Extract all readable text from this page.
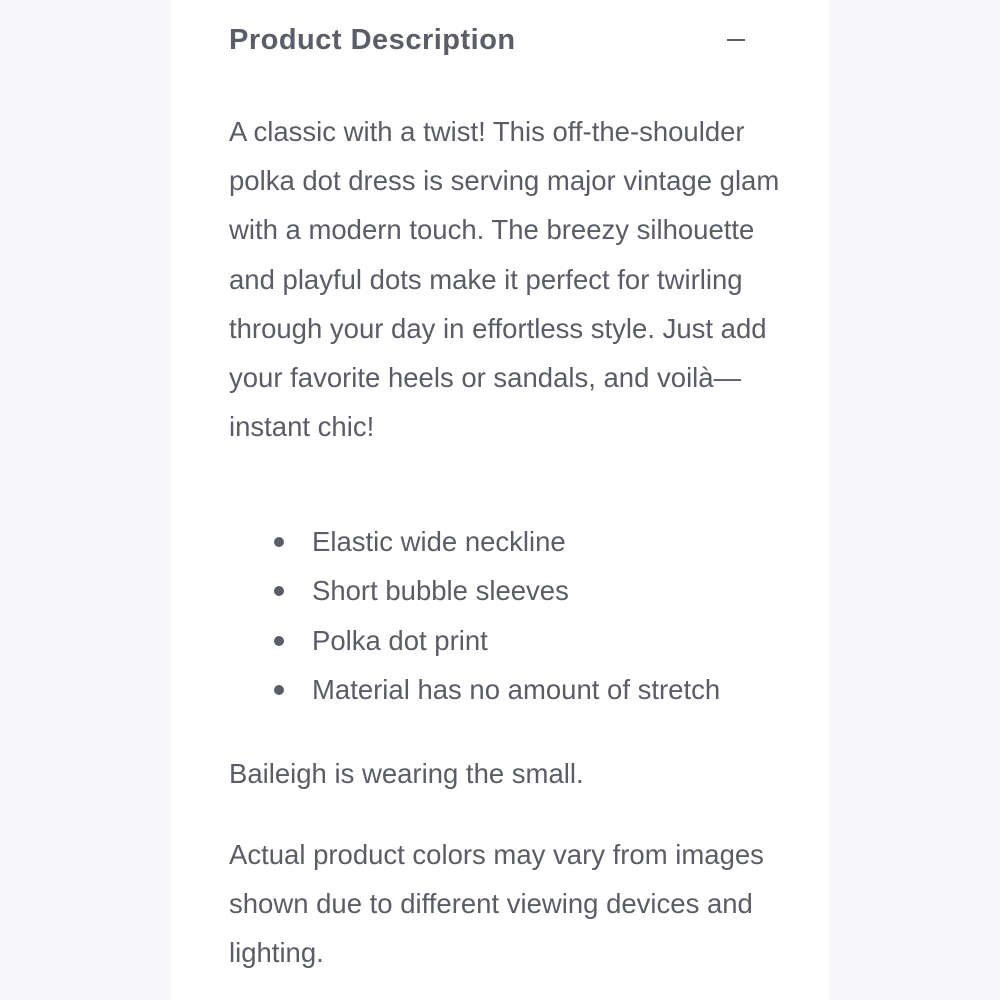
Product Description

A classic with a twist! This off-the-shoulder polka dot dress is serving major vintage glam with a modern touch. The breezy silhouette and playful dots make it perfect for twirling through your day in effortless style. Just add your favorite heels or sandals, and voilà—instant chic!

Elastic wide neckline
Short bubble sleeves
Polka dot print
Material has no amount of stretch

Baileigh is wearing the small.

Actual product colors may vary from images shown due to different viewing devices and lighting.
